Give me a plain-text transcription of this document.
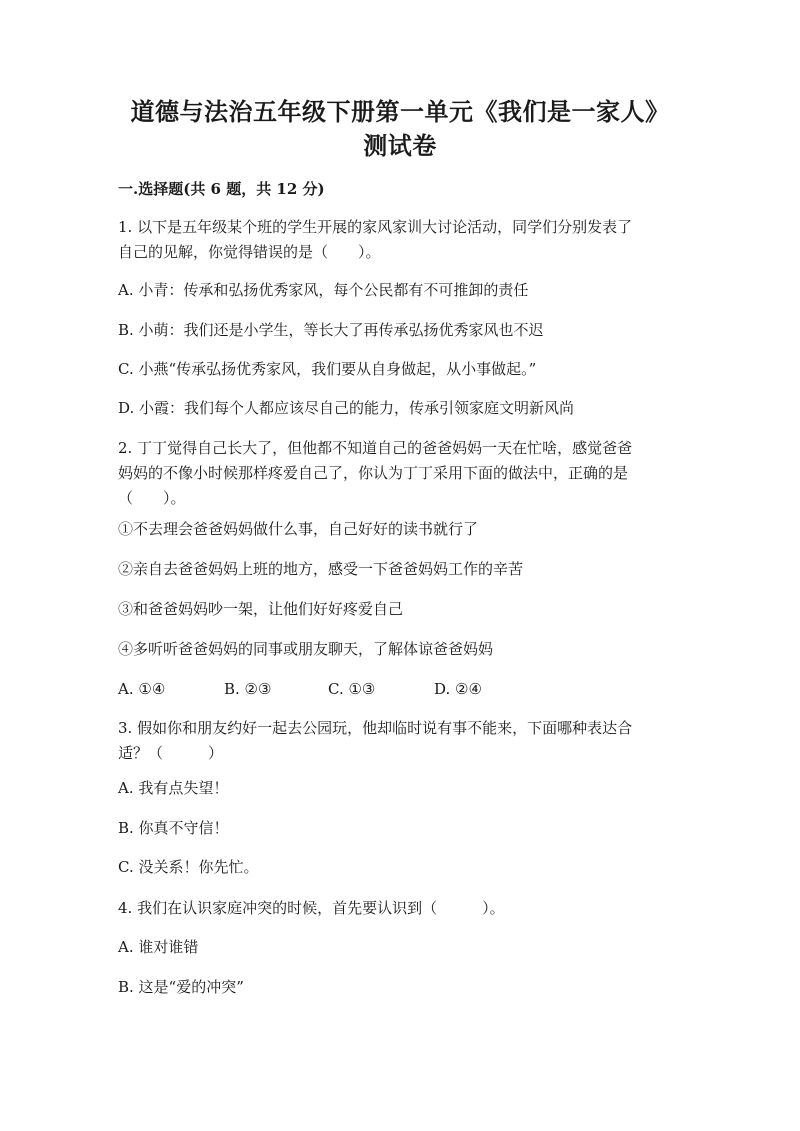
道德与法治五年级下册第一单元《我们是一家人》
测试卷
一.选择题(共 6 题，共 12 分)
1. 以下是五年级某个班的学生开展的家风家训大讨论活动，同学们分别发表了
自己的见解，你觉得错误的是（　　）。
A. 小青：传承和弘扬优秀家风，每个公民都有不可推卸的责任
B. 小萌：我们还是小学生，等长大了再传承弘扬优秀家风也不迟
C. 小燕“传承弘扬优秀家风，我们要从自身做起，从小事做起。”
D. 小霞：我们每个人都应该尽自己的能力，传承引领家庭文明新风尚
2. 丁丁觉得自己长大了，但他都不知道自己的爸爸妈妈一天在忙啥，感觉爸爸
妈妈的不像小时候那样疼爱自己了，你认为丁丁采用下面的做法中，正确的是
（　　）。
①不去理会爸爸妈妈做什么事，自己好好的读书就行了
②亲自去爸爸妈妈上班的地方，感受一下爸爸妈妈工作的辛苦
③和爸爸妈妈吵一架，让他们好好疼爱自己
④多听听爸爸妈妈的同事或朋友聊天，了解体谅爸爸妈妈
A. ①④	B. ②③	C. ①③	D. ②④
3. 假如你和朋友约好一起去公园玩，他却临时说有事不能来，下面哪种表达合
适？（　　　）
A. 我有点失望！
B. 你真不守信！
C. 没关系！你先忙。
4. 我们在认识家庭冲突的时候，首先要认识到（　　　）。
A. 谁对谁错
B. 这是“爱的冲突”
